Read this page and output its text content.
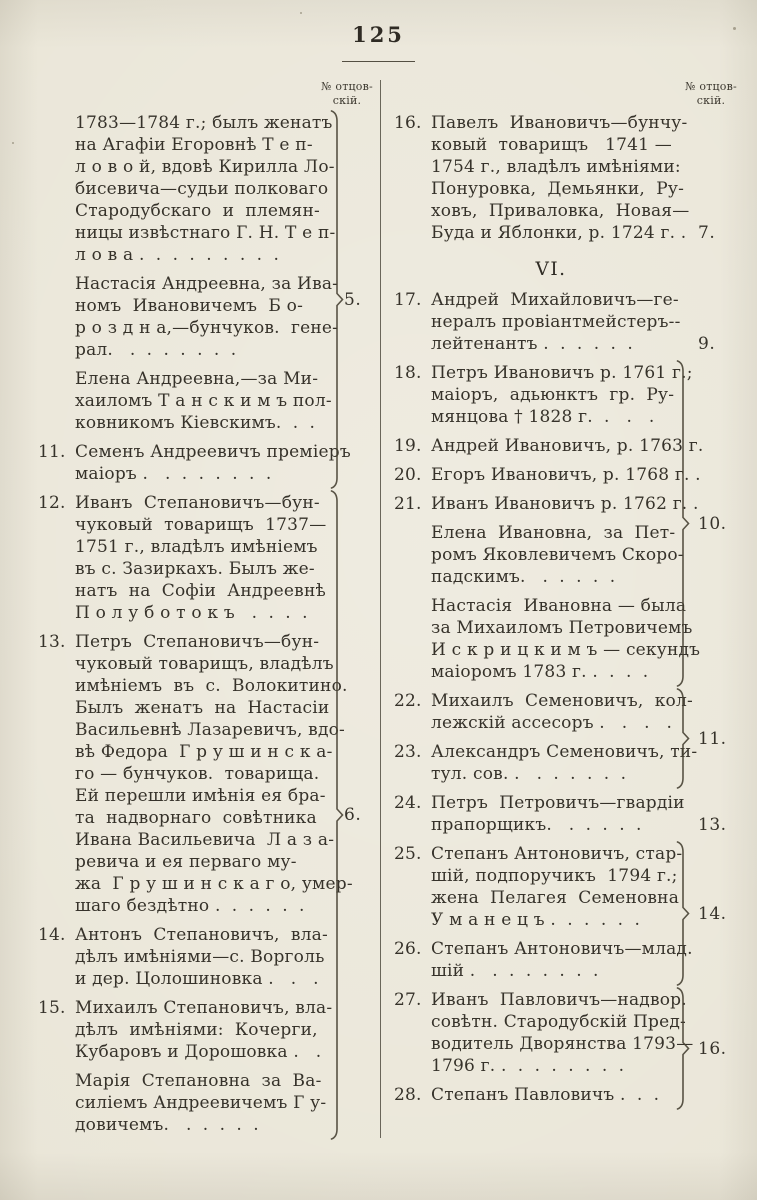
125
№ отцов-
скій.
№ отцов-
скій.
1783—1784 г.; былъ женатъ
на Агафіи Егоровнѣ Т е п-
л о в о й, вдовѣ Кирилла Ло-
бисевича—судьи полковаго
Стародубскаго  и  племян-
ницы извѣстнаго Г. Н. Т е п-
л о в а .  .  .  .  .  .  .  .  .
Настасія Андреевна, за Ива-
номъ  Ивановичемъ  Б о-
р о з д н а,—бунчуков.  гене-
рал.   .  .  .  .  .  .  .
Елена Андреевна,—за Ми-
хаиломъ Т а н с к и м ъ пол-
ковникомъ Кіевскимъ.  .  .
11. Семенъ Андреевичъ преміеръ
маіоръ .   .  .  .  .  .  .  .
12. Иванъ  Степановичъ—бун-
чуковый  товарищъ  1737—
1751 г., владѣлъ имѣніемъ
въ с. Зазиркахъ. Былъ же-
натъ  на  Софіи  Андреевнѣ
П о л у б о т о к ъ   .  .  .  .
13. Петръ  Степановичъ—бун-
чуковый товарищъ, владѣлъ
имѣніемъ  въ  с.  Волокитино.
Былъ  женатъ  на  Настасіи
Васильевнѣ Лазаревичъ, вдо-
вѣ Федора  Г р у ш и н с к а-
го — бунчуков.  товарища.
Ей перешли имѣнія ея бра-
та  надворнаго  совѣтника
Ивана Васильевича  Л а з а-
ревича и ея перваго му-
жа  Г р у ш и н с к а г о, умер-
шаго бездѣтно .  .  .  .  .  .
14. Антонъ  Степановичъ,  вла-
дѣлъ имѣніями—с. Ворголь
и дер. Цолошиновка .   .   .
15. Михаилъ Степановичъ, вла-
дѣлъ  имѣніями:  Кочерги,
Кубаровъ и Дорошовка .   .
Марія  Степановна  за  Ва-
силіемъ Андреевичемъ Г у-
довичемъ.   .  .  .  .  .
5.
6.
16. Павелъ  Ивановичъ—бунчу-
ковый  товарищъ   1741 —
1754 г., владѣлъ имѣніями:
Понуровка,  Демьянки,  Ру-
ховъ,  Приваловка,  Новая—
Буда и Яблонки, р. 1724 г. . 7.
VI.
17. Андрей  Михайловичъ—ге-
нералъ провіантмейстеръ--
лейтенантъ .  .  .  .  .  .	9.
18. Петръ Ивановичъ р. 1761 г.;
маіоръ,  адьюнктъ  гр.  Ру-
мянцова † 1828 г.  .   .   .
19. Андрей Ивановичъ, р. 1763 г.
20. Егоръ Ивановичъ, р. 1768 г. .
21. Иванъ Ивановичъ р. 1762 г. .
Елена  Ивановна,  за  Пет-
ромъ Яковлевичемъ Скоро-
падскимъ.   .  .  .  .  .
Настасія  Ивановна — была
за Михаиломъ Петровичемъ
И с к р и ц к и м ъ — секундъ
маіоромъ 1783 г. .  .  .  .
22. Михаилъ  Семеновичъ,  кол-
лежскій ассесоръ .   .   .   .
23. Александръ Семеновичъ, ти-
тул. сов. .   .  .  .  .  .  .
24. Петръ  Петровичъ—гвардіи
прапорщикъ.   .  .  .  .  .	13.
25. Степанъ Антоновичъ, стар-
шій, подпоручикъ  1794 г.;
жена  Пелагея  Семеновна
У м а н е ц ъ .  .  .  .  .  .
26. Степанъ Антоновичъ—млад.
шій .   .  .  .  .  .  .  .
27. Иванъ  Павловичъ—надвор.
совѣтн. Стародубскій Пред-
водитель Дворянства 1793—
1796 г. .  .  .  .  .  .  .  .
28. Степанъ Павловичъ .  .  .
10.
11.
14.
16.
